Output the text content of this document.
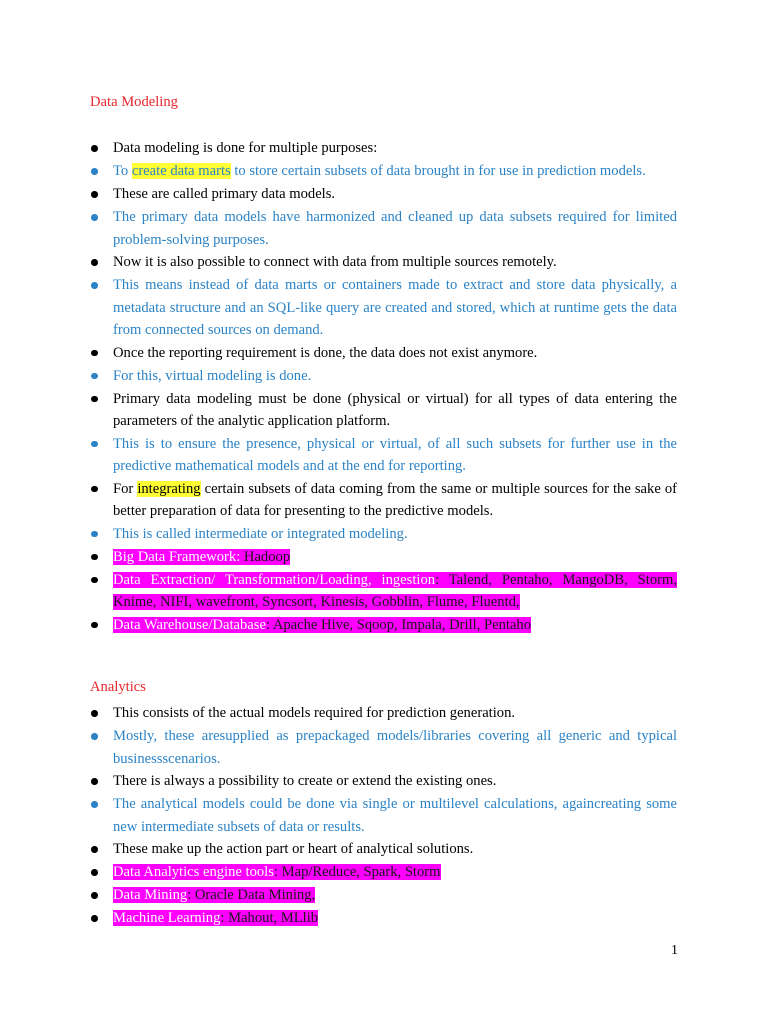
Data Modeling
Data modeling is done for multiple purposes:
To create data marts to store certain subsets of data brought in for use in prediction models.
These are called primary data models.
The primary data models have harmonized and cleaned up data subsets required for limited problem-solving purposes.
Now it is also possible to connect with data from multiple sources remotely.
This means instead of data marts or containers made to extract and store data physically, a metadata structure and an SQL-like query are created and stored, which at runtime gets the data from connected sources on demand.
Once the reporting requirement is done, the data does not exist anymore.
For this, virtual modeling is done.
Primary data modeling must be done (physical or virtual) for all types of data entering the parameters of the analytic application platform.
This is to ensure the presence, physical or virtual, of all such subsets for further use in the predictive mathematical models and at the end for reporting.
For integrating certain subsets of data coming from the same or multiple sources for the sake of better preparation of data for presenting to the predictive models.
This is called intermediate or integrated modeling.
Big Data Framework: Hadoop
Data Extraction/ Transformation/Loading, ingestion: Talend, Pentaho, MangoDB, Storm, Knime, NIFI, wavefront, Syncsort, Kinesis, Gobblin, Flume, Fluentd,
Data Warehouse/Database: Apache Hive, Sqoop, Impala, Drill, Pentaho
Analytics
This consists of the actual models required for prediction generation.
Mostly, these aresupplied as prepackaged models/libraries covering all generic and typical businessscenarios.
There is always a possibility to create or extend the existing ones.
The analytical models could be done via single or multilevel calculations, againcreating some new intermediate subsets of data or results.
These make up the action part or heart of analytical solutions.
Data Analytics engine tools: Map/Reduce, Spark, Storm
Data Mining: Oracle Data Mining,
Machine Learning: Mahout, MLlib
1
